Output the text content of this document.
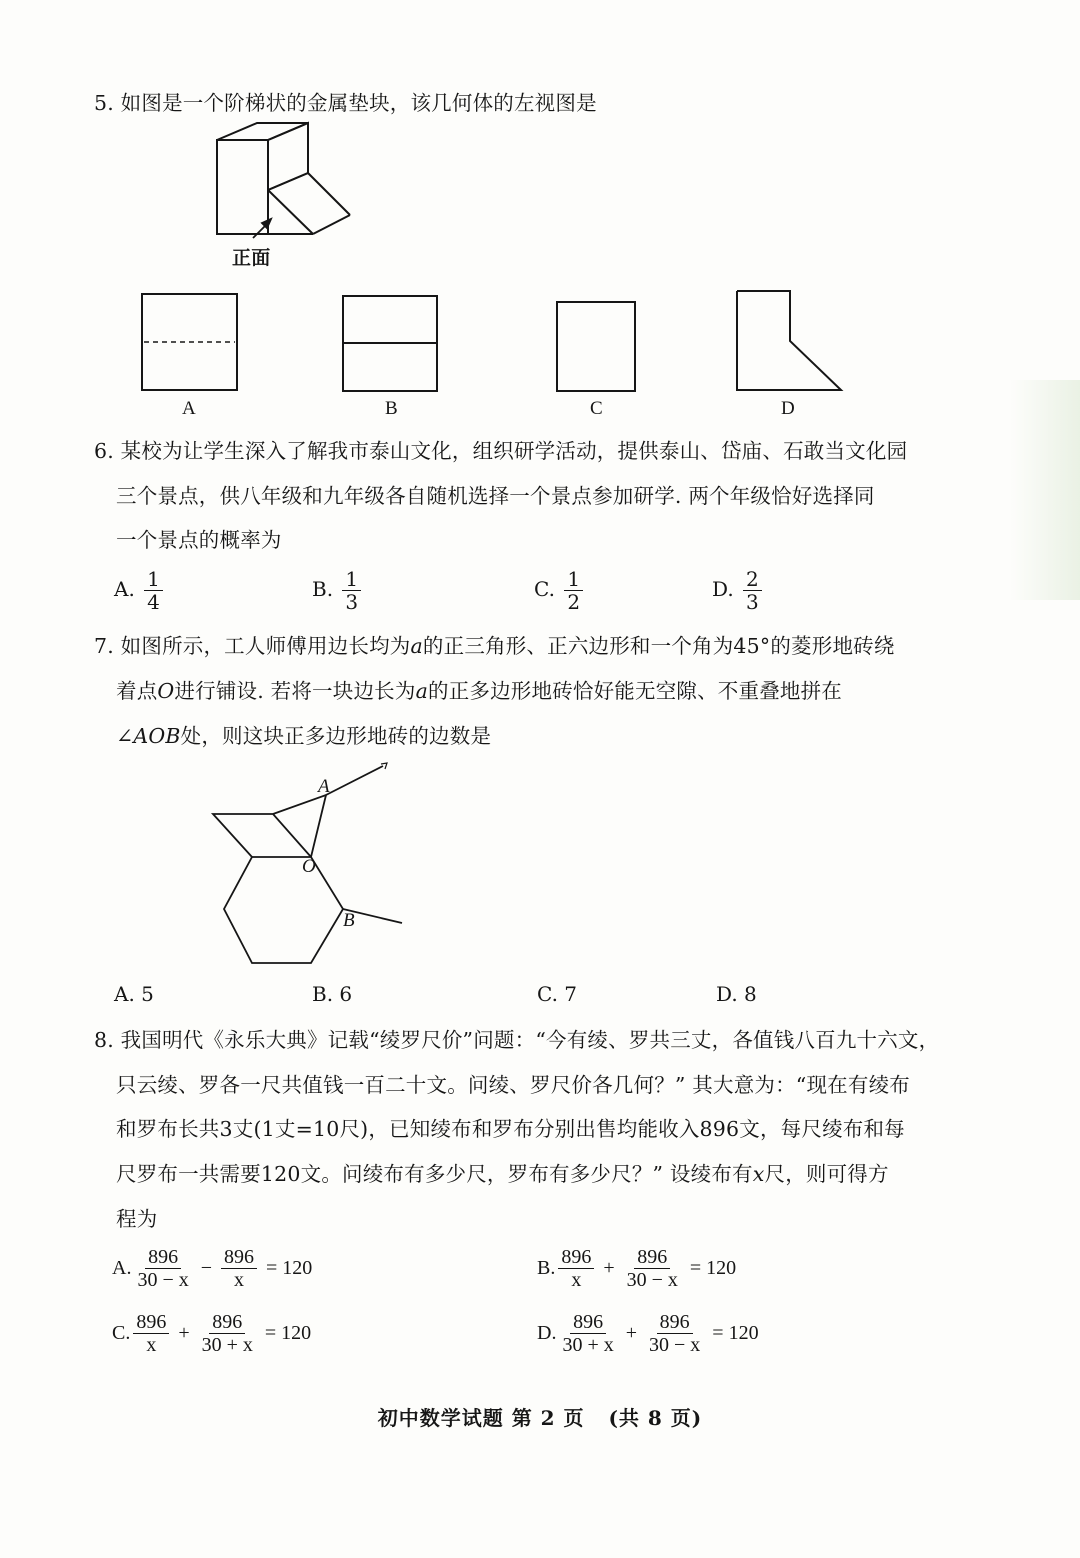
5. 如图是一个阶梯状的金属垫块，该几何体的左视图是
正面
A	B	C	D
6. 某校为让学生深入了解我市泰山文化，组织研学活动，提供泰山、岱庙、石敢当文化园
三个景点，供八年级和九年级各自随机选择一个景点参加研学. 两个年级恰好选择同
一个景点的概率为
A. $\frac{1}{4}$	B. $\frac{1}{3}$	C. $\frac{1}{2}$	D. $\frac{2}{3}$
7. 如图所示，工人师傅用边长均为a的正三角形、正六边形和一个角为45°的菱形地砖绕
着点O进行铺设. 若将一块边长为a的正多边形地砖恰好能无空隙、不重叠地拼在
∠AOB处，则这块正多边形地砖的边数是
A
O
B
A. 5	B. 6	C. 7	D. 8
8. 我国明代《永乐大典》记载“绫罗尺价”问题：“今有绫、罗共三丈，各值钱八百九十六文，
只云绫、罗各一尺共值钱一百二十文。问绫、罗尺价各几何？” 其大意为：“现在有绫布
和罗布长共3丈(1丈=10尺)，已知绫布和罗布分别出售均能收入896文，每尺绫布和每
尺罗布一共需要120文。问绫布有多少尺，罗布有多少尺？” 设绫布有x尺，则可得方
程为
A. $\frac{896}{30 - x} - \frac{896}{x} = 120$	B. $\frac{896}{x} + \frac{896}{30 - x} = 120$
C. $\frac{896}{x} + \frac{896}{30 + x} = 120$	D. $\frac{896}{30 + x} + \frac{896}{30 - x} = 120$
初中数学试题 第 2 页 (共 8 页)
